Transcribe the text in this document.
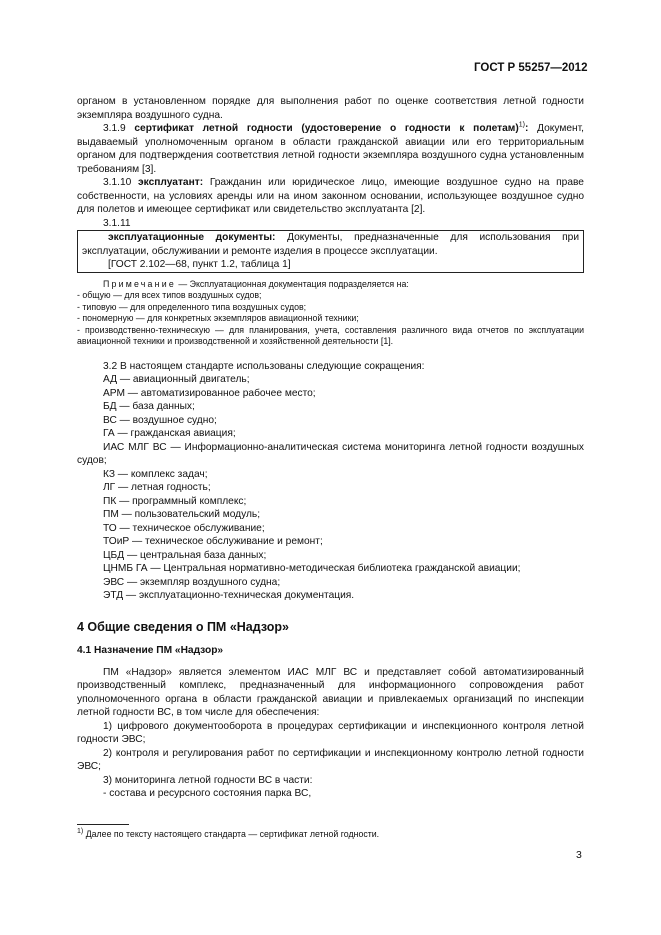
ГОСТ Р 55257—2012

органом в установленном порядке для выполнения работ по оценке соответствия летной годности экземпляра воздушного судна.

3.1.9 сертификат летной годности (удостоверение о годности к полетам)$^{1)}$: Документ, выдаваемый уполномоченным органом в области гражданской авиации или его территориальным органом для подтверждения соответствия летной годности экземпляра воздушного судна установленным требованиям [3].

3.1.10 эксплуатант: Гражданин или юридическое лицо, имеющие воздушное судно на праве собственности, на условиях аренды или на ином законном основании, использующее воздушное судно для полетов и имеющее сертификат или свидетельство эксплуатанта [2].

3.1.11

эксплуатационные документы: Документы, предназначенные для использования при эксплуатации, обслуживании и ремонте изделия в процессе эксплуатации.

[ГОСТ 2.102—68, пункт 1.2, таблица 1]

Примечание — Эксплуатационная документация подразделяется на:

- общую — для всех типов воздушных судов;

- типовую — для определенного типа воздушных судов;

- пономерную — для конкретных экземпляров авиационной техники;

- производственно-техническую — для планирования, учета, составления различного вида отчетов по эксплуатации авиационной техники и производственной и хозяйственной деятельности [1].

3.2 В настоящем стандарте использованы следующие сокращения:

АД — авиационный двигатель;

АРМ — автоматизированное рабочее место;

БД — база данных;

ВС — воздушное судно;

ГА — гражданская авиация;

ИАС МЛГ ВС — Информационно-аналитическая система мониторинга летной годности воздушных судов;

КЗ — комплекс задач;

ЛГ — летная годность;

ПК — программный комплекс;

ПМ — пользовательский модуль;

ТО — техническое обслуживание;

ТОиР — техническое обслуживание и ремонт;

ЦБД — центральная база данных;

ЦНМБ ГА — Центральная нормативно-методическая библиотека гражданской авиации;

ЭВС — экземпляр воздушного судна;

ЭТД — эксплуатационно-техническая документация.

4 Общие сведения о ПМ «Надзор»
4.1 Назначение ПМ «Надзор»

ПМ «Надзор» является элементом ИАС МЛГ ВС и представляет собой автоматизированный производственный комплекс, предназначенный для информационного сопровождения работ уполномоченного органа в области гражданской авиации и привлекаемых организаций по инспекции летной годности ВС, в том числе для обеспечения:

1) цифрового документооборота в процедурах сертификации и инспекционного контроля летной годности ЭВС;

2) контроля и регулирования работ по сертификации и инспекционному контролю летной годности ЭВС;

3) мониторинга летной годности ВС в части:

- состава и ресурсного состояния парка ВС,

$^{1)}$ Далее по тексту настоящего стандарта — сертификат летной годности.
3
